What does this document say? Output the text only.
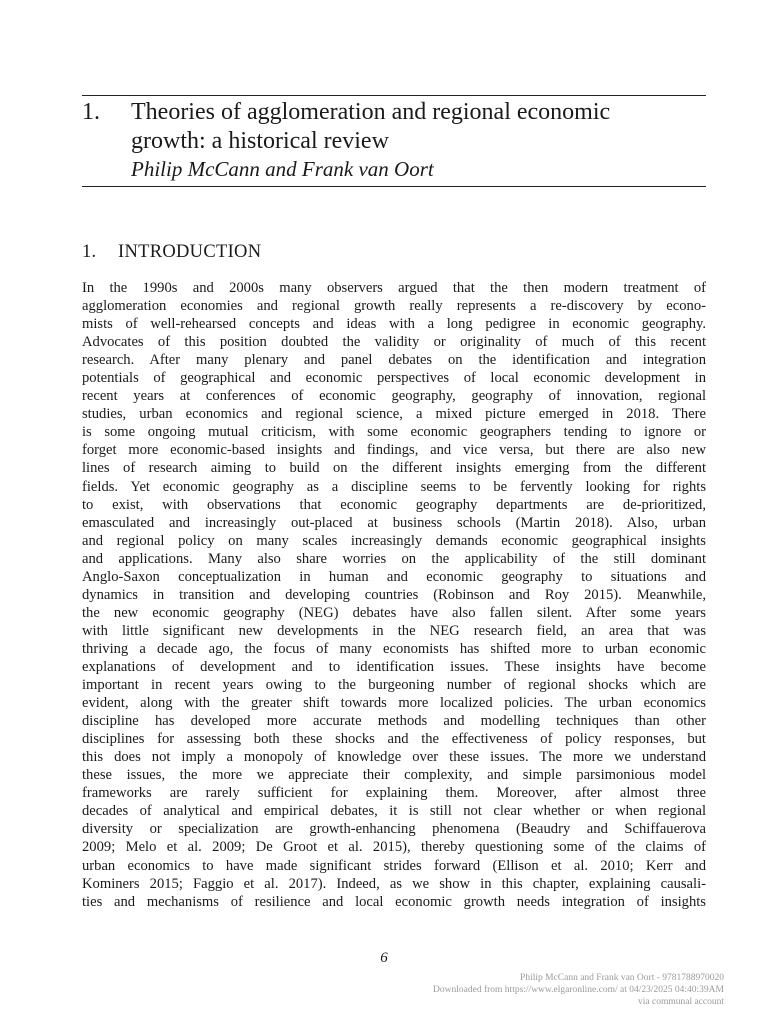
1. Theories of agglomeration and regional economic
growth: a historical review
Philip McCann and Frank van Oort
1. INTRODUCTION
In the 1990s and 2000s many observers argued that the then modern treatment of
agglomeration economies and regional growth really represents a re-discovery by econo-
mists of well-rehearsed concepts and ideas with a long pedigree in economic geography.
Advocates of this position doubted the validity or originality of much of this recent
research. After many plenary and panel debates on the identification and integration
potentials of geographical and economic perspectives of local economic development in
recent years at conferences of economic geography, geography of innovation, regional
studies, urban economics and regional science, a mixed picture emerged in 2018. There
is some ongoing mutual criticism, with some economic geographers tending to ignore or
forget more economic-based insights and findings, and vice versa, but there are also new
lines of research aiming to build on the different insights emerging from the different
fields. Yet economic geography as a discipline seems to be fervently looking for rights
to exist, with observations that economic geography departments are de-prioritized,
emasculated and increasingly out-placed at business schools (Martin 2018). Also, urban
and regional policy on many scales increasingly demands economic geographical insights
and applications. Many also share worries on the applicability of the still dominant
Anglo-Saxon conceptualization in human and economic geography to situations and
dynamics in transition and developing countries (Robinson and Roy 2015). Meanwhile,
the new economic geography (NEG) debates have also fallen silent. After some years
with little significant new developments in the NEG research field, an area that was
thriving a decade ago, the focus of many economists has shifted more to urban economic
explanations of development and to identification issues. These insights have become
important in recent years owing to the burgeoning number of regional shocks which are
evident, along with the greater shift towards more localized policies. The urban economics
discipline has developed more accurate methods and modelling techniques than other
disciplines for assessing both these shocks and the effectiveness of policy responses, but
this does not imply a monopoly of knowledge over these issues. The more we understand
these issues, the more we appreciate their complexity, and simple parsimonious model
frameworks are rarely sufficient for explaining them. Moreover, after almost three
decades of analytical and empirical debates, it is still not clear whether or when regional
diversity or specialization are growth-enhancing phenomena (Beaudry and Schiffauerova
2009; Melo et al. 2009; De Groot et al. 2015), thereby questioning some of the claims of
urban economics to have made significant strides forward (Ellison et al. 2010; Kerr and
Kominers 2015; Faggio et al. 2017). Indeed, as we show in this chapter, explaining causali-
ties and mechanisms of resilience and local economic growth needs integration of insights
6
Philip McCann and Frank van Oort - 9781788970020
Downloaded from https://www.elgaronline.com/ at 04/23/2025 04:40:39AM
via communal account
